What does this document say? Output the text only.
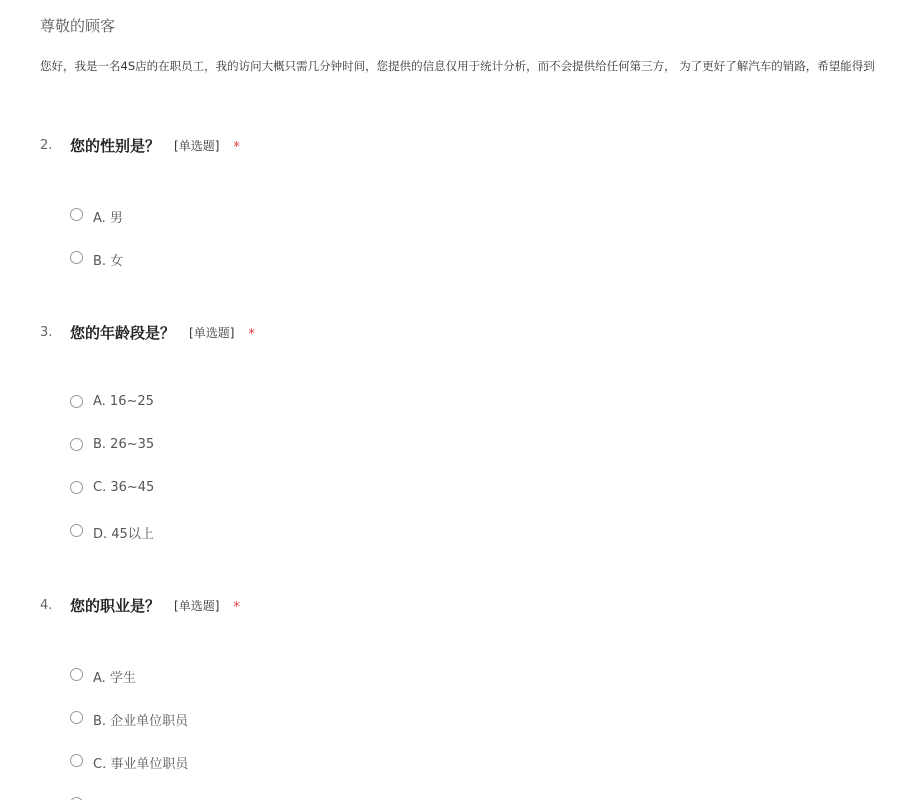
尊敬的顾客
您好，我是一名4S店的在职员工，我的访问大概只需几分钟时间，您提供的信息仅用于统计分析，而不会提供给任何第三方， 为了更好了解汽车的销路，希望能得到
2. 您的性别是？ [单选题] *
A. 男
B. 女
3. 您的年龄段是？ [单选题] *
A. 16~25
B. 26~35
C. 36~45
D. 45以上
4. 您的职业是？ [单选题] *
A. 学生
B. 企业单位职员
C. 事业单位职员
